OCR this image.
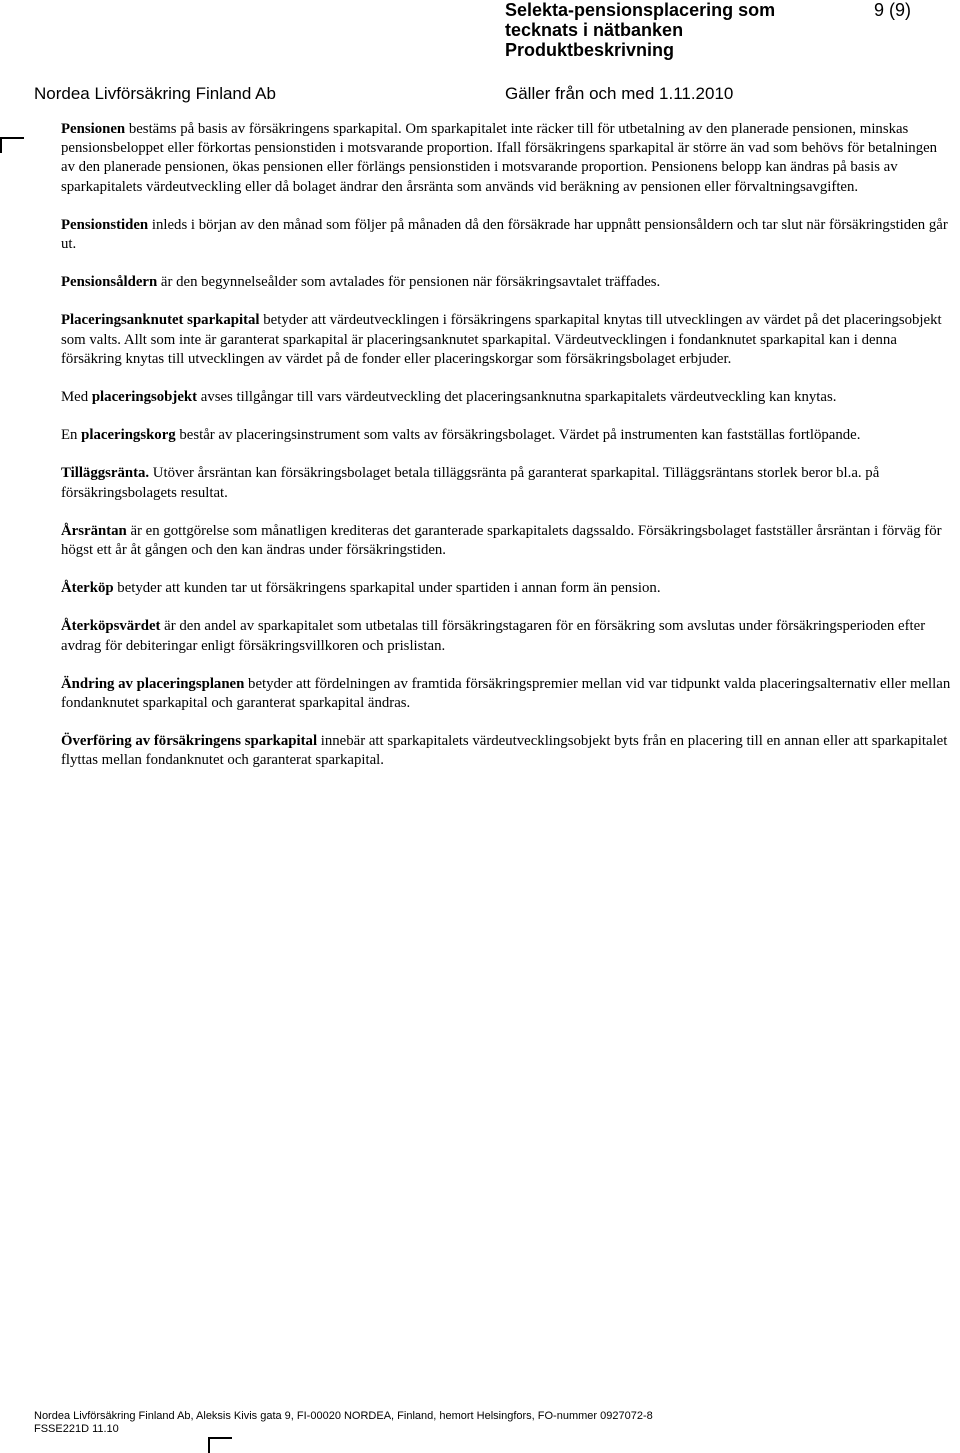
Selekta-pensionsplacering som
tecknats i nätbanken
Produktbeskrivning
9 (9)
Nordea Livförsäkring Finland Ab	Gäller från och med 1.11.2010

Pensionen bestäms på basis av försäkringens sparkapital. Om sparkapitalet inte räcker till för utbetalning av den planerade pensionen, minskas pensionsbeloppet eller förkortas pensionstiden i motsvarande proportion. Ifall försäkringens sparkapital är större än vad som behövs för betalningen av den planerade pensionen, ökas pensionen eller förlängs pensionstiden i motsvarande proportion. Pensionens belopp kan ändras på basis av sparkapitalets värdeutveckling eller då bolaget ändrar den årsränta som används vid beräkning av pensionen eller förvaltningsavgiften.

Pensionstiden inleds i början av den månad som följer på månaden då den försäkrade har uppnått pensionsåldern och tar slut när försäkringstiden går ut.

Pensionsåldern är den begynnelseålder som avtalades för pensionen när försäkringsavtalet träffades.

Placeringsanknutet sparkapital betyder att värdeutvecklingen i försäkringens sparkapital knytas till utvecklingen av värdet på det placeringsobjekt som valts. Allt som inte är garanterat sparkapital är placeringsanknutet sparkapital. Värdeutvecklingen i fondanknutet sparkapital kan i denna försäkring knytas till utvecklingen av värdet på de fonder eller placeringskorgar som försäkringsbolaget erbjuder.

Med placeringsobjekt avses tillgångar till vars värdeutveckling det placeringsanknutna sparkapitalets värdeutveckling kan knytas.

En placeringskorg består av placeringsinstrument som valts av försäkringsbolaget. Värdet på instrumenten kan fastställas fortlöpande.

Tilläggsränta. Utöver årsräntan kan försäkringsbolaget betala tilläggsränta på garanterat sparkapital. Tilläggsräntans storlek beror bl.a. på försäkringsbolagets resultat.

Årsräntan är en gottgörelse som månatligen krediteras det garanterade sparkapitalets dagssaldo. Försäkringsbolaget fastställer årsräntan i förväg för högst ett år åt gången och den kan ändras under försäkringstiden.

Återköp betyder att kunden tar ut försäkringens sparkapital under spartiden i annan form än pension.

Återköpsvärdet är den andel av sparkapitalet som utbetalas till försäkringstagaren för en försäkring som avslutas under försäkringsperioden efter avdrag för debiteringar enligt försäkringsvillkoren och prislistan.

Ändring av placeringsplanen betyder att fördelningen av framtida försäkringspremier mellan vid var tidpunkt valda placeringsalternativ eller mellan fondanknutet sparkapital och garanterat sparkapital ändras.

Överföring av försäkringens sparkapital innebär att sparkapitalets värdeutvecklingsobjekt byts från en placering till en annan eller att sparkapitalet flyttas mellan fondanknutet och garanterat sparkapital.

Nordea Livförsäkring Finland Ab, Aleksis Kivis gata 9, FI-00020 NORDEA, Finland, hemort Helsingfors, FO-nummer 0927072-8
FSSE221D 11.10
